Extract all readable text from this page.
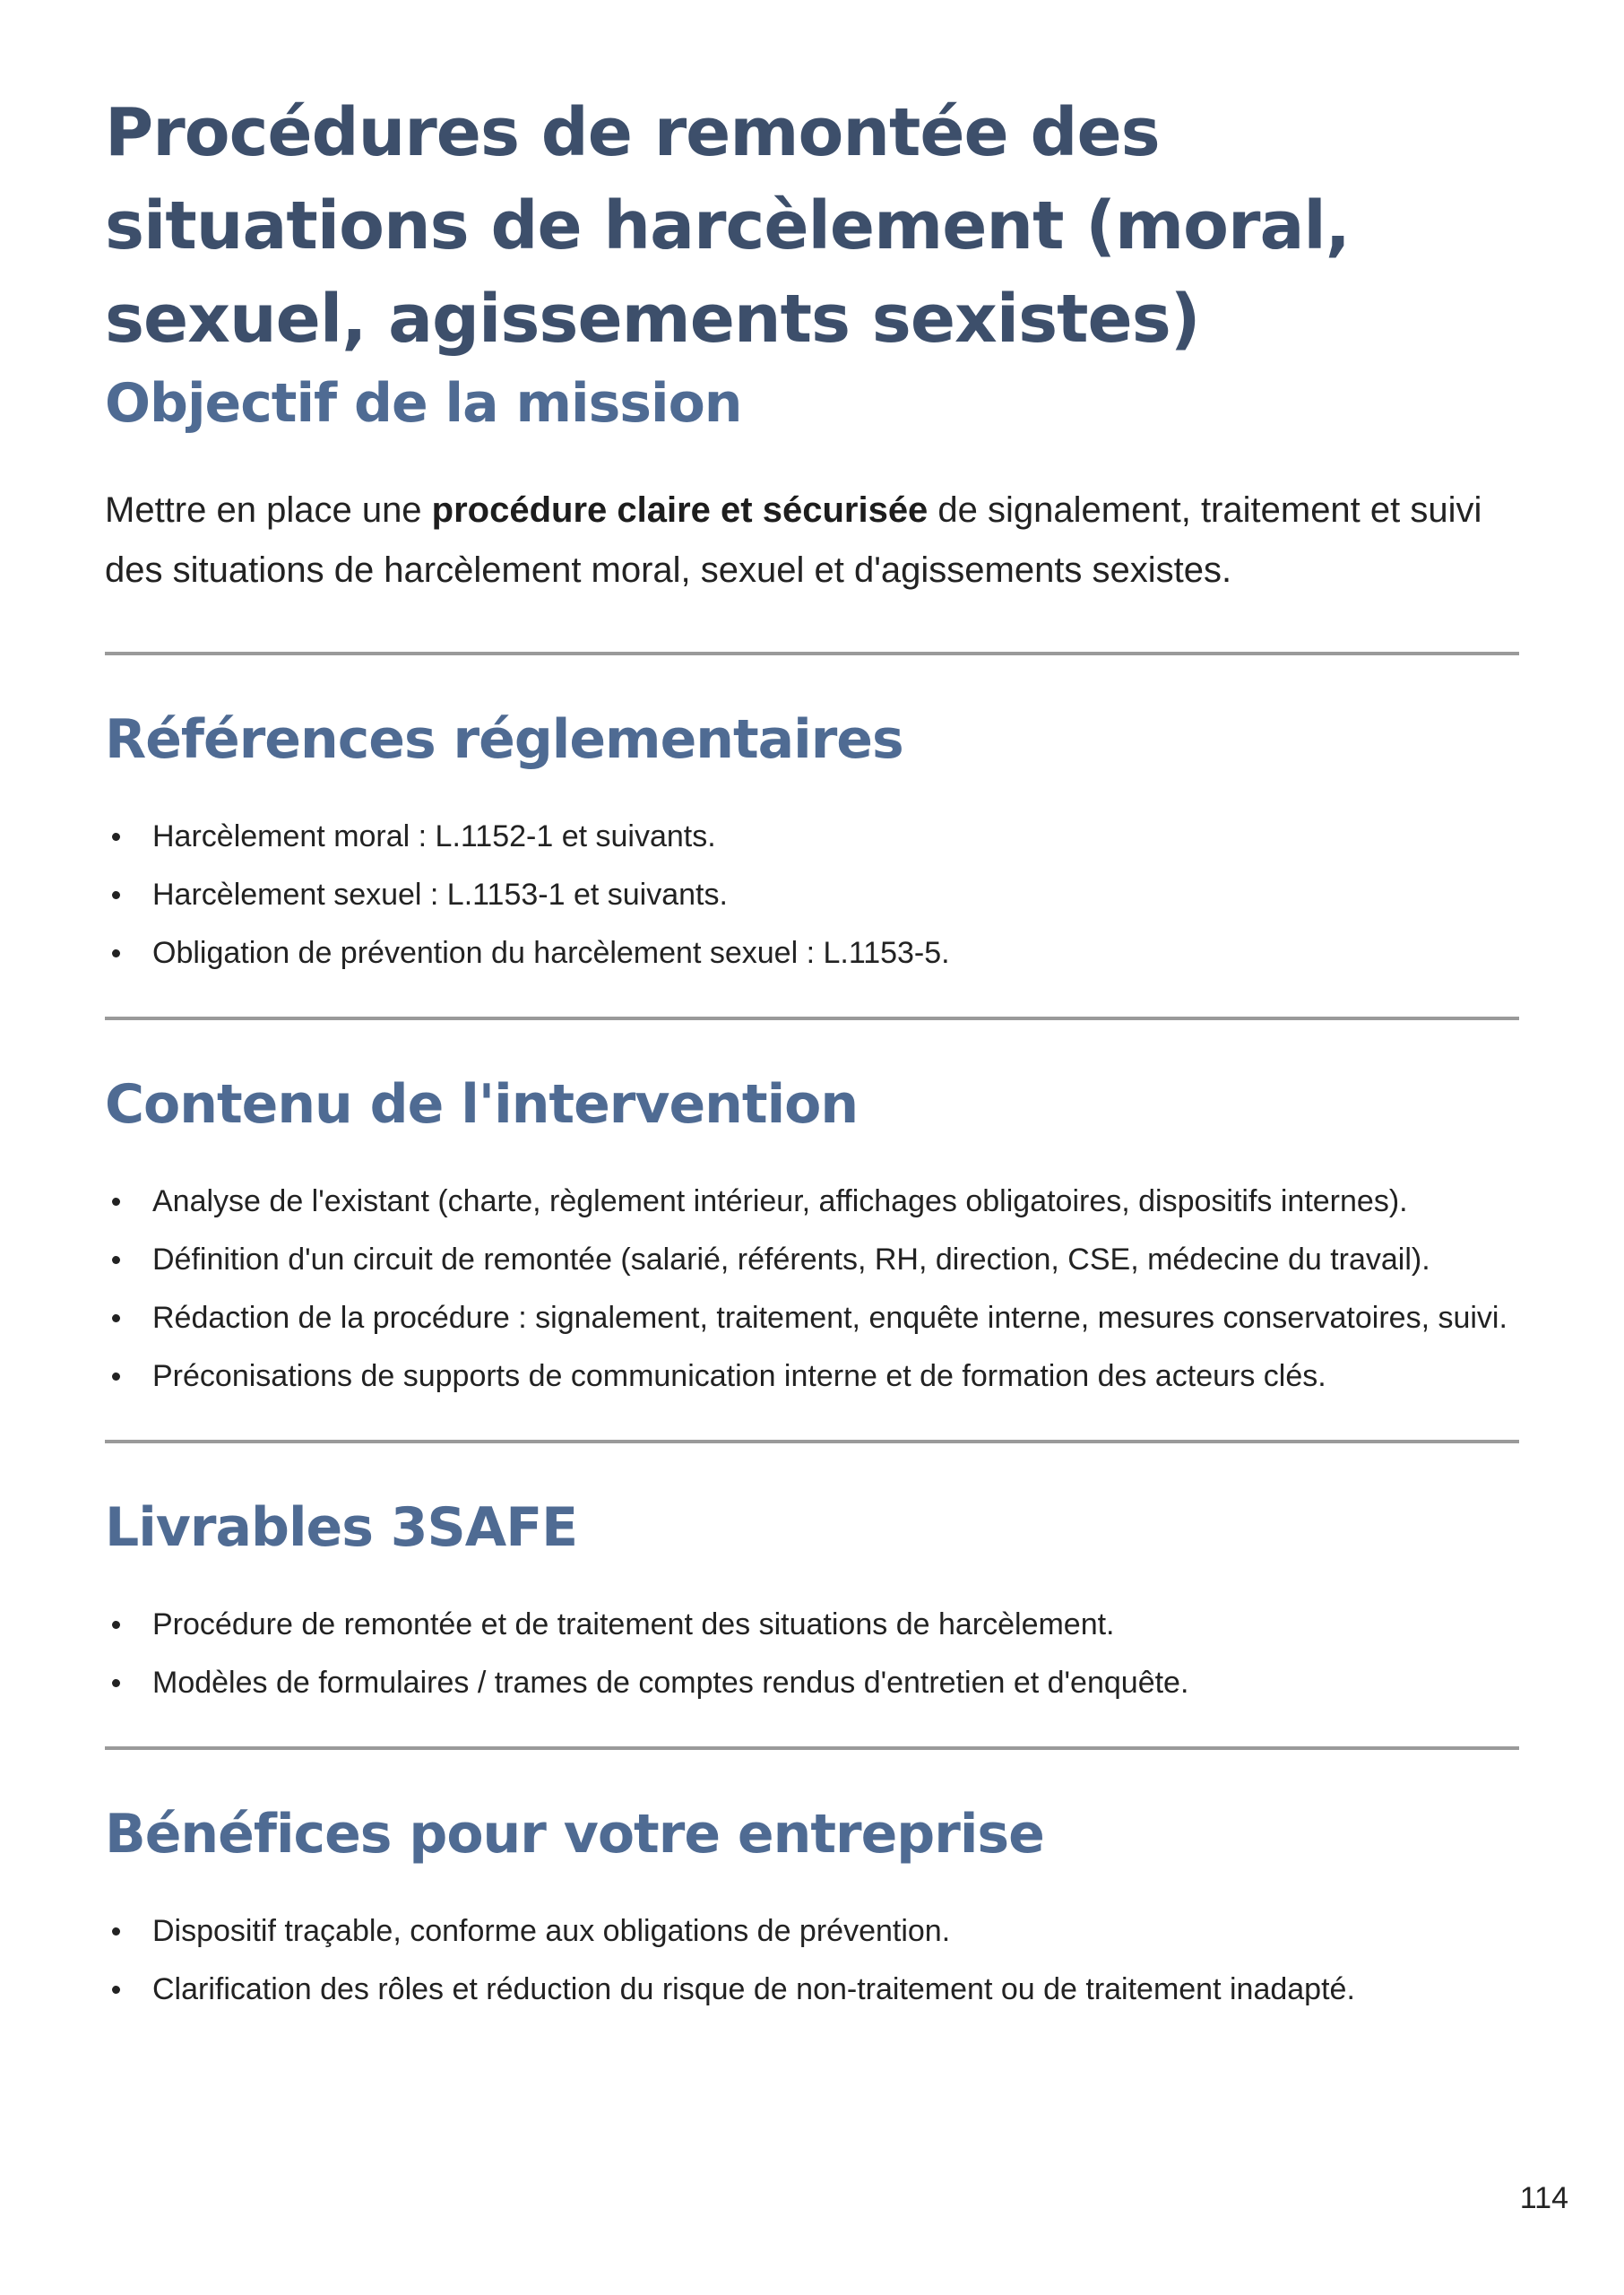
Procédures de remontée des situations de harcèlement (moral, sexuel, agissements sexistes)
Objectif de la mission

Mettre en place une procédure claire et sécurisée de signalement, traitement et suivi des situations de harcèlement moral, sexuel et d'agissements sexistes.

Références réglementaires
Harcèlement moral : L.1152-1 et suivants.
Harcèlement sexuel : L.1153-1 et suivants.
Obligation de prévention du harcèlement sexuel : L.1153-5.
Contenu de l'intervention
Analyse de l'existant (charte, règlement intérieur, affichages obligatoires, dispositifs internes).
Définition d'un circuit de remontée (salarié, référents, RH, direction, CSE, médecine du travail).
Rédaction de la procédure : signalement, traitement, enquête interne, mesures conservatoires, suivi.
Préconisations de supports de communication interne et de formation des acteurs clés.
Livrables 3SAFE
Procédure de remontée et de traitement des situations de harcèlement.
Modèles de formulaires / trames de comptes rendus d'entretien et d'enquête.
Bénéfices pour votre entreprise
Dispositif traçable, conforme aux obligations de prévention.
Clarification des rôles et réduction du risque de non-traitement ou de traitement inadapté.
114
